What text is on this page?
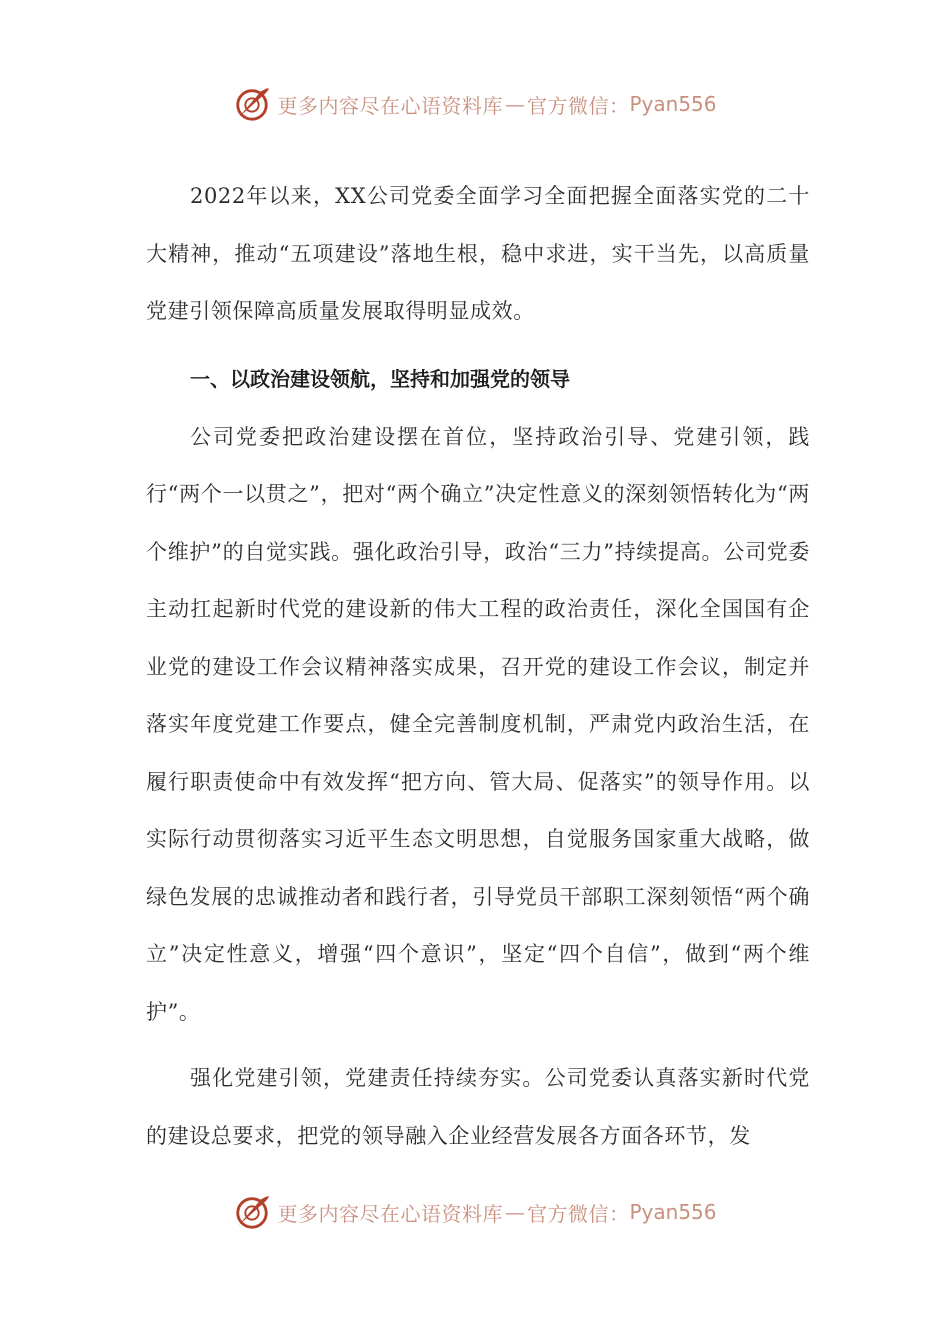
更多内容尽在心语资料库 — 官方微信： Pyan556

2022年以来，XX公司党委全面学习全面把握全面落实党的二十大精神，推动“五项建设”落地生根，稳中求进，实干当先，以高质量党建引领保障高质量发展取得明显成效。

一、以政治建设领航，坚持和加强党的领导

公司党委把政治建设摆在首位，坚持政治引导、党建引领，践行“两个一以贯之”，把对“两个确立”决定性意义的深刻领悟转化为“两个维护”的自觉实践。强化政治引导，政治“三力”持续提高。公司党委主动扛起新时代党的建设新的伟大工程的政治责任，深化全国国有企业党的建设工作会议精神落实成果，召开党的建设工作会议，制定并落实年度党建工作要点，健全完善制度机制，严肃党内政治生活，在履行职责使命中有效发挥“把方向、管大局、促落实”的领导作用。以实际行动贯彻落实习近平生态文明思想，自觉服务国家重大战略，做绿色发展的忠诚推动者和践行者，引导党员干部职工深刻领悟“两个确立”决定性意义，增强“四个意识”，坚定“四个自信”，做到“两个维护”。

强化党建引领，党建责任持续夯实。公司党委认真落实新时代党的建设总要求，把党的领导融入企业经营发展各方面各环节，发

更多内容尽在心语资料库 — 官方微信： Pyan556
